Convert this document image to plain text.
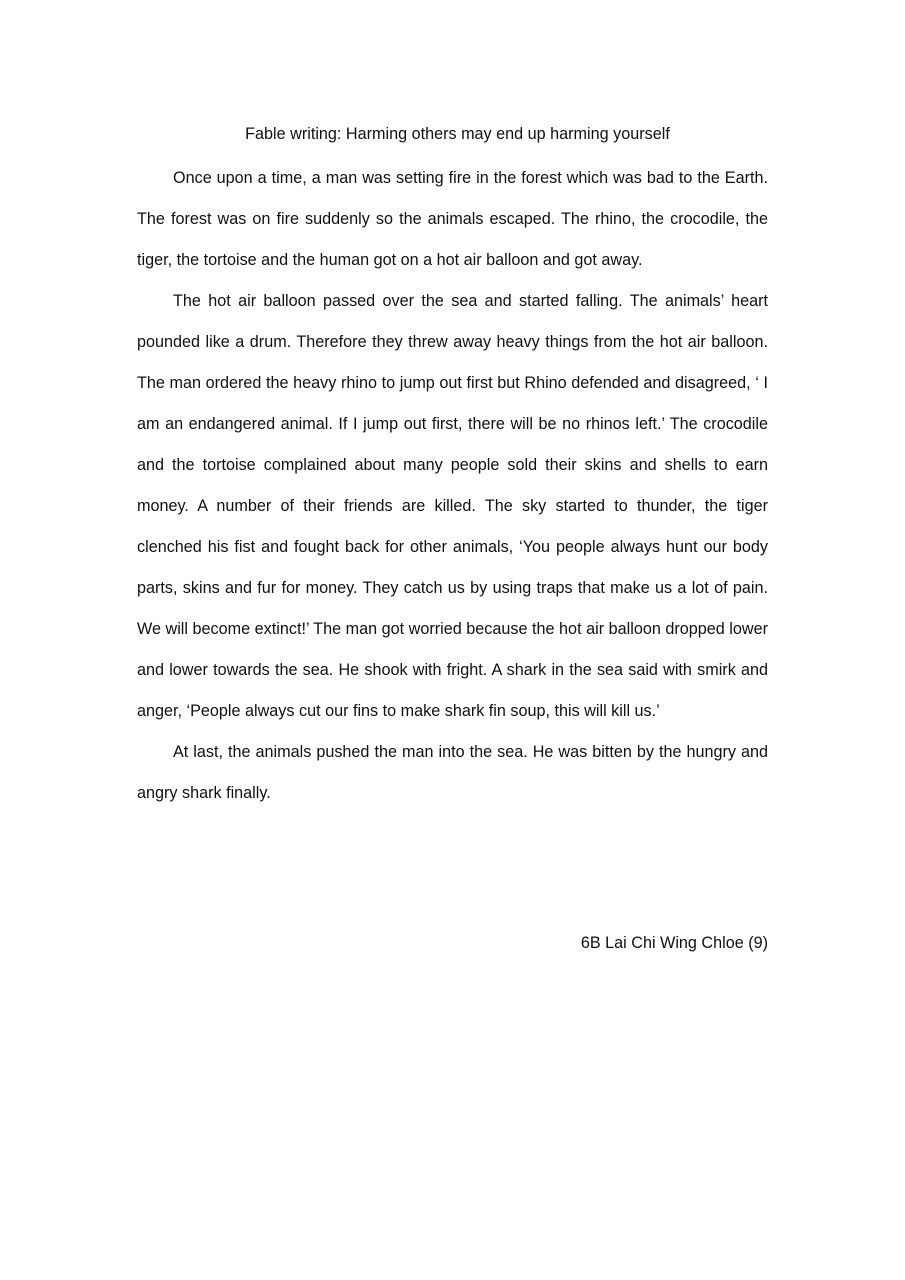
Fable writing: Harming others may end up harming yourself

Once upon a time, a man was setting fire in the forest which was bad to the Earth. The forest was on fire suddenly so the animals escaped. The rhino, the crocodile, the tiger, the tortoise and the human got on a hot air balloon and got away.

The hot air balloon passed over the sea and started falling. The animals’ heart pounded like a drum. Therefore they threw away heavy things from the hot air balloon. The man ordered the heavy rhino to jump out first but Rhino defended and disagreed, ‘ I am an endangered animal. If I jump out first, there will be no rhinos left.’ The crocodile and the tortoise complained about many people sold their skins and shells to earn money. A number of their friends are killed. The sky started to thunder, the tiger clenched his fist and fought back for other animals, ‘You people always hunt our body parts, skins and fur for money. They catch us by using traps that make us a lot of pain. We will become extinct!’ The man got worried because the hot air balloon dropped lower and lower towards the sea. He shook with fright. A shark in the sea said with smirk and anger, ‘People always cut our fins to make shark fin soup, this will kill us.’

At last, the animals pushed the man into the sea. He was bitten by the hungry and angry shark finally.

6B Lai Chi Wing Chloe (9)
